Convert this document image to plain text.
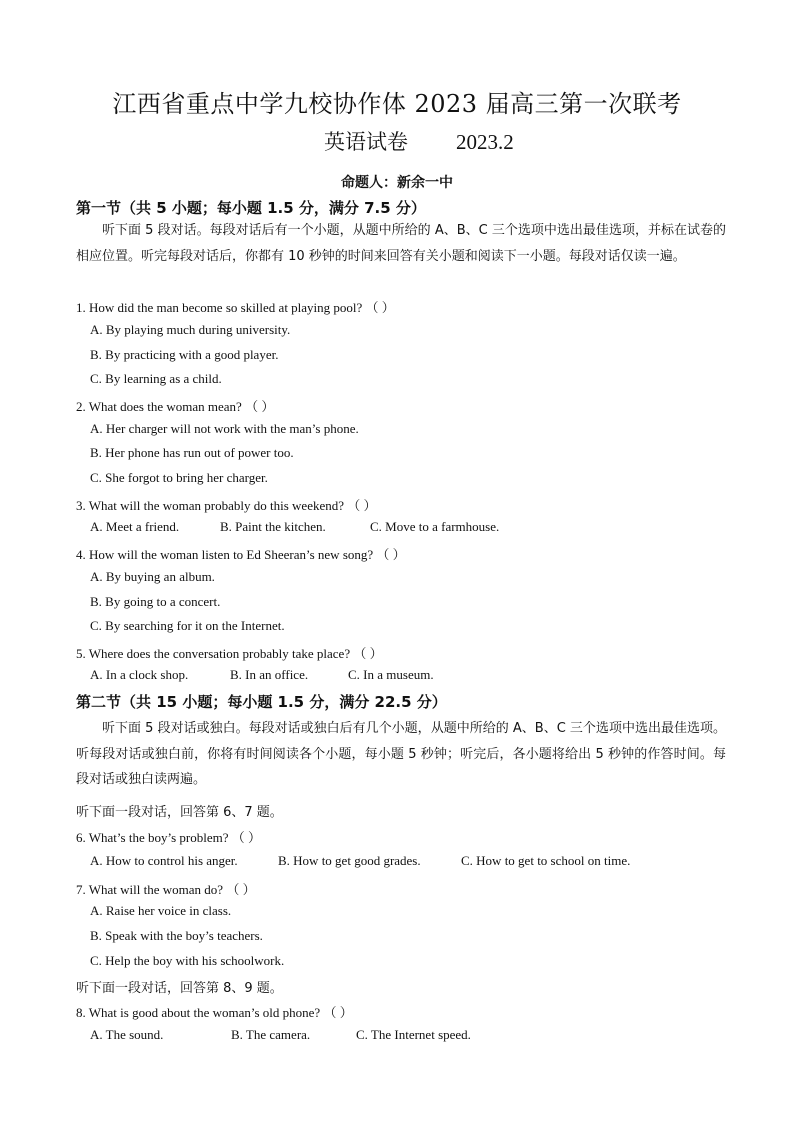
江西省重点中学九校协作体 2023 届高三第一次联考
英语试卷 2023.2
命题人：新余一中
第一节（共 5 小题；每小题 1.5 分，满分 7.5 分）
听下面 5 段对话。每段对话后有一个小题，从题中所给的 A、B、C 三个选项中选出最佳选项，并标在试卷的相应位置。听完每段对话后，你都有 10 秒钟的时间来回答有关小题和阅读下一小题。每段对话仅读一遍。
1. How did the man become so skilled at playing pool? （ ）
A. By playing much during university.
B. By practicing with a good player.
C. By learning as a child.
2. What does the woman mean? （ ）
A. Her charger will not work with the man’s phone.
B. Her phone has run out of power too.
C. She forgot to bring her charger.
3. What will the woman probably do this weekend? （ ）
A. Meet a friend.	B. Paint the kitchen.	C. Move to a farmhouse.
4. How will the woman listen to Ed Sheeran’s new song? （ ）
A. By buying an album.
B. By going to a concert.
C. By searching for it on the Internet.
5. Where does the conversation probably take place? （ ）
A. In a clock shop.	B. In an office.	C. In a museum.
第二节（共 15 小题；每小题 1.5 分，满分 22.5 分）
听下面 5 段对话或独白。每段对话或独白后有几个小题，从题中所给的 A、B、C 三个选项中选出最佳选项。听每段对话或独白前，你将有时间阅读各个小题，每小题 5 秒钟；听完后，各小题将给出 5 秒钟的作答时间。每段对话或独白读两遍。
听下面一段对话，回答第 6、7 题。
6. What’s the boy’s problem? （ ）
A. How to control his anger.	B. How to get good grades.	C. How to get to school on time.
7. What will the woman do? （ ）
A. Raise her voice in class.
B. Speak with the boy’s teachers.
C. Help the boy with his schoolwork.
听下面一段对话，回答第 8、9 题。
8. What is good about the woman’s old phone? （ ）
A. The sound.	B. The camera.	C. The Internet speed.
